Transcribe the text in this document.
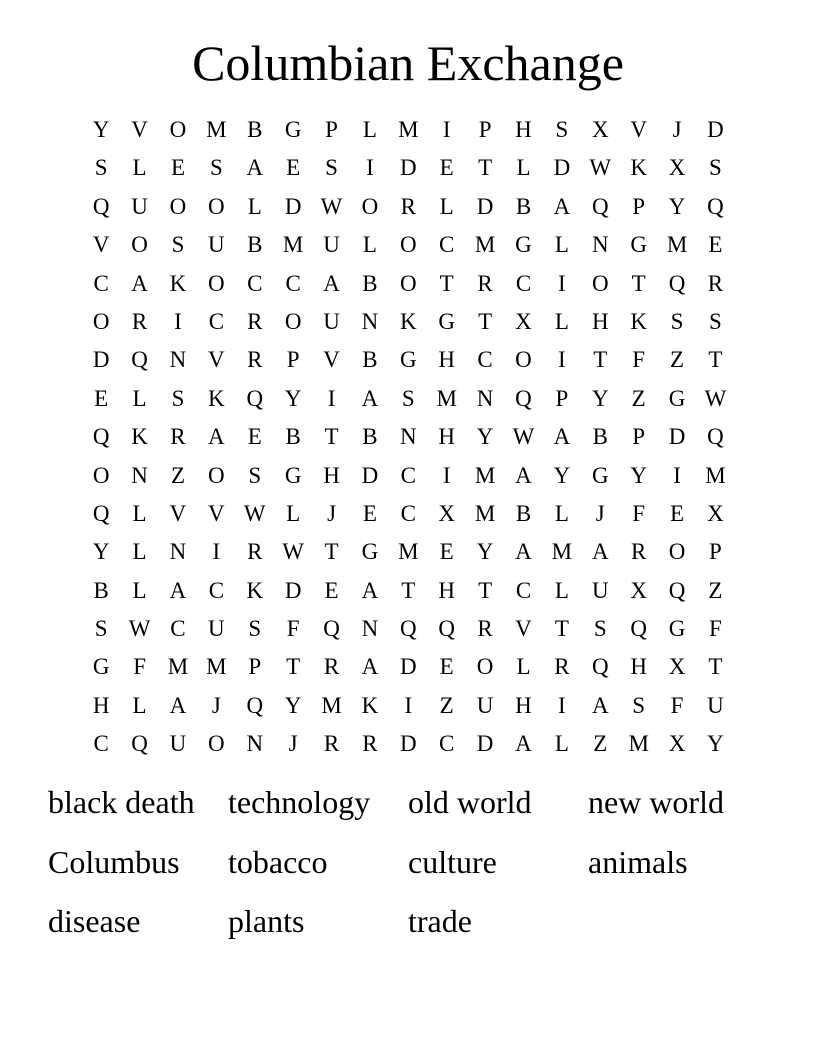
Columbian Exchange
Y V O M B G	P	L M	I	P	H	S	X V	J	D
S	L	E	S	A	E	S	I	D	E	T	L	D W K X	S
Q U O O	L	D W O R	L	D B A Q	P	Y Q
V O	S	U B M U	L	O C M G	L	N G M E
C A K O C	C A B O	T	R	C	I	O	T	Q R
O R	I	C	R O U N K G	T	X	L	H K	S	S
D Q N V R	P	V B G H C O	I	T	F	Z	T
E	L	S	K Q Y	I	A	S M N Q	P	Y	Z	G W
Q K R A	E	B	T	B N H Y W A B	P	D Q
O N	Z	O	S	G H D C	I	M A Y G Y	I	M
Q	L	V V W L	J	E	C X M B	L	J	F	E	X
Y	L	N	I	R W T	G M E	Y A M A R O	P
B	L	A C K D	E	A	T	H	T	C	L	U X Q	Z
S W C U	S	F	Q N Q Q R V	T	S	Q G	F
G	F M M P	T	R A D	E	O	L	R Q H X	T
H	L	A	J	Q Y M K	I	Z	U H	I	A	S	F	U
C Q U O N	J	R	R D C D A	L	Z M X Y
black death	technology	old world	new world
Columbus	tobacco	culture	animals
disease	plants	trade
